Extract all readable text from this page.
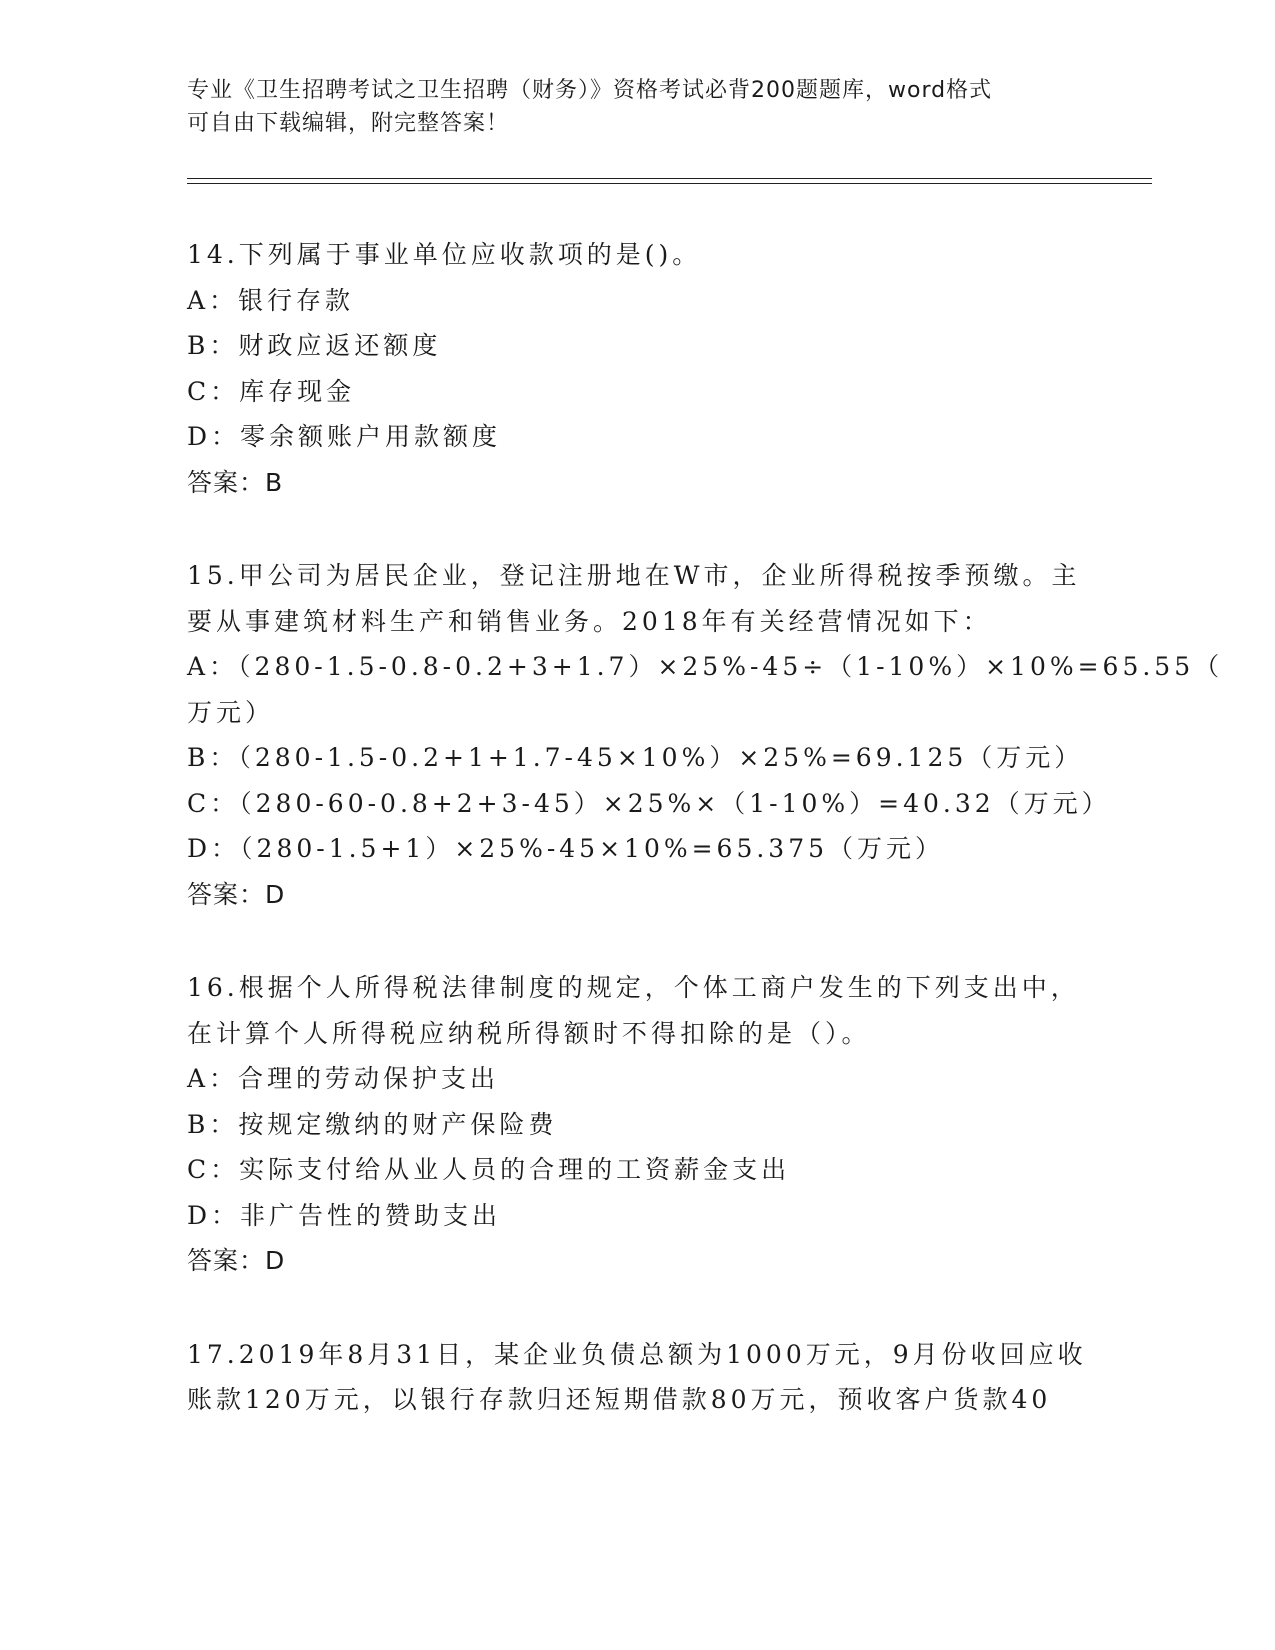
专业《卫生招聘考试之卫生招聘（财务）》资格考试必背200题题库，word格式
可自由下载编辑，附完整答案！
14.下列属于事业单位应收款项的是()。
A：银行存款
B：财政应返还额度
C：库存现金
D：零余额账户用款额度
答案：B
15.甲公司为居民企业，登记注册地在W市，企业所得税按季预缴。主
要从事建筑材料生产和销售业务。2018年有关经营情况如下：
A：（280-1.5-0.8-0.2+3+1.7）×25%-45÷（1-10%）×10%=65.55（
万元）
B：（280-1.5-0.2+1+1.7-45×10%）×25%=69.125（万元）
C：（280-60-0.8+2+3-45）×25%×（1-10%）=40.32（万元）
D：（280-1.5+1）×25%-45×10%=65.375（万元）
答案：D
16.根据个人所得税法律制度的规定，个体工商户发生的下列支出中，
在计算个人所得税应纳税所得额时不得扣除的是（）。
A：合理的劳动保护支出
B：按规定缴纳的财产保险费
C：实际支付给从业人员的合理的工资薪金支出
D：非广告性的赞助支出
答案：D
17.2019年8月31日，某企业负债总额为1000万元，9月份收回应收
账款120万元，以银行存款归还短期借款80万元，预收客户货款40
